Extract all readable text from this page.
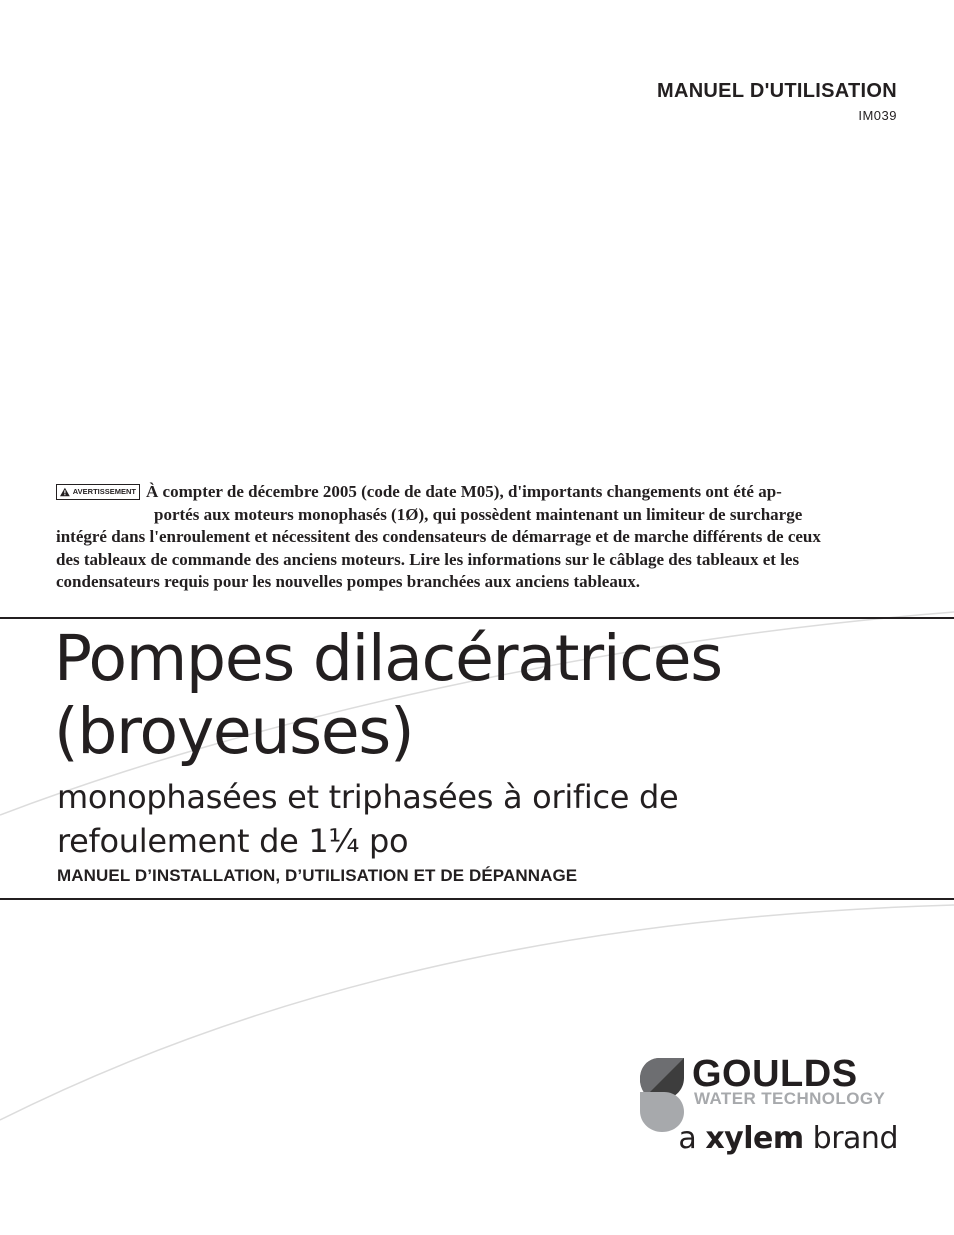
MANUEL D'UTILISATION
IM039
AVERTISSEMENT À compter de décembre 2005 (code de date M05), d'importants changements ont été ap-
portés aux moteurs monophasés (1Ø), qui possèdent maintenant un limiteur de surcharge
intégré dans l'enroulement et nécessitent des condensateurs de démarrage et de marche différents de ceux
des tableaux de commande des anciens moteurs. Lire les informations sur le câblage des tableaux et les
condensateurs requis pour les nouvelles pompes branchées aux anciens tableaux.
Pompes dilacératrices
(broyeuses)
monophasées et triphasées à orifice de
refoulement de 1¼ po
MANUEL D’INSTALLATION, D’UTILISATION ET DE DÉPANNAGE
GOULDS
WATER TECHNOLOGY
a xylem brand
